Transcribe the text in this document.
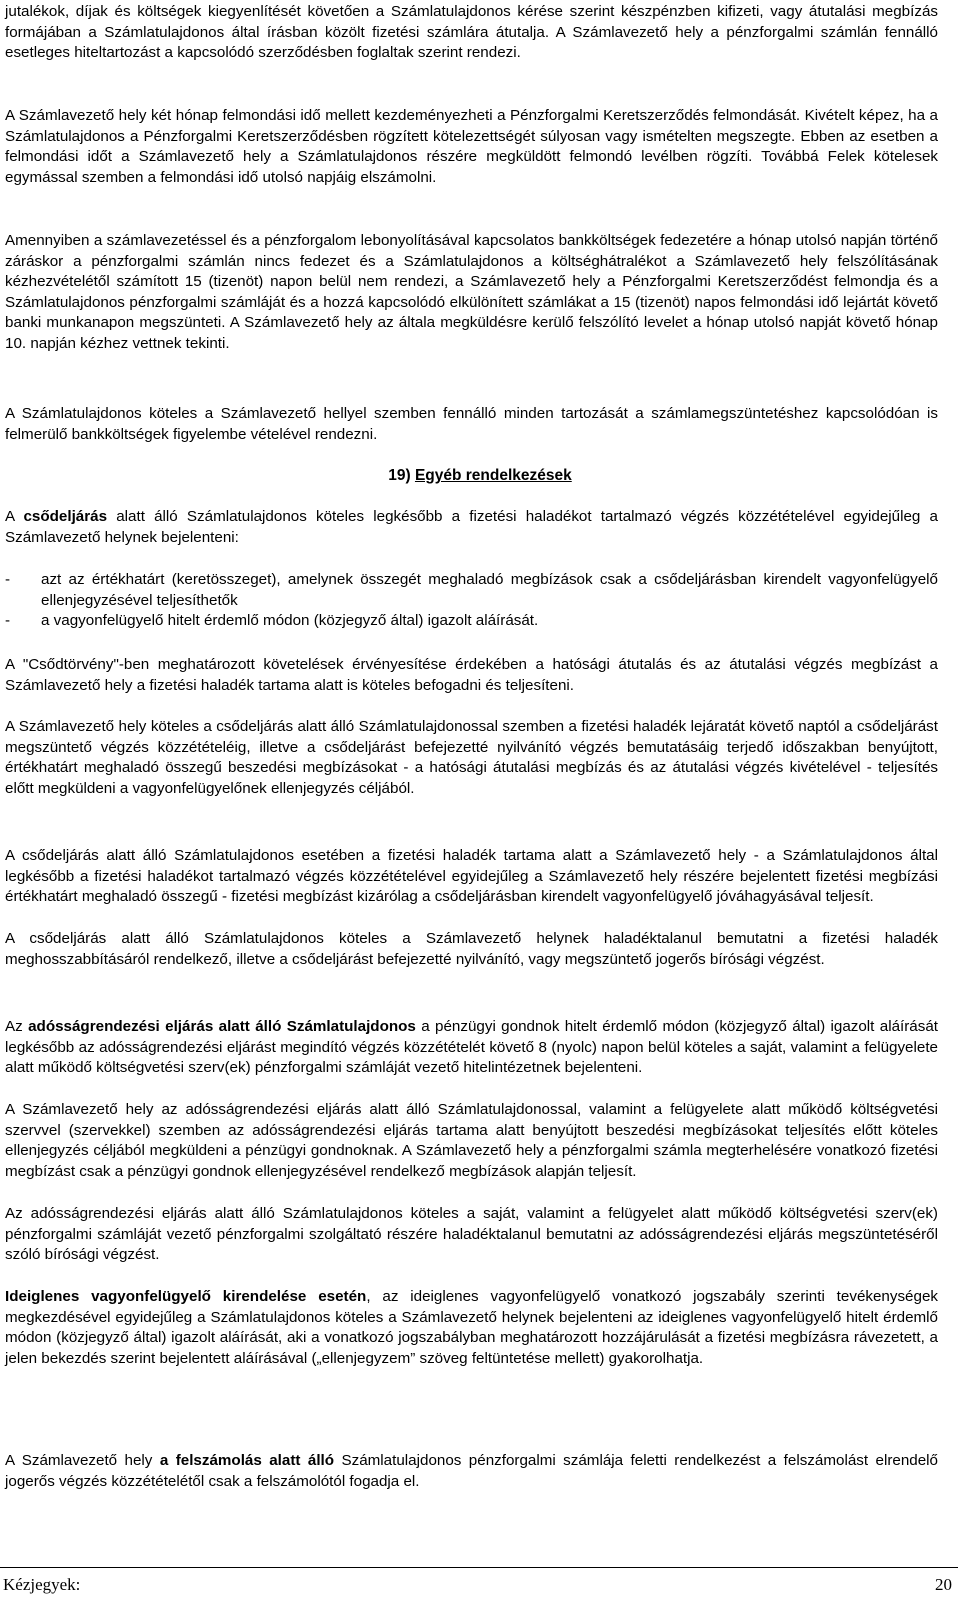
jutalékok, díjak és költségek kiegyenlítését követően a Számlatulajdonos kérése szerint készpénzben kifizeti, vagy átutalási megbízás formájában a Számlatulajdonos által írásban közölt fizetési számlára átutalja. A Számlavezető hely a pénzforgalmi számlán fennálló esetleges hiteltartozást a kapcsolódó szerződésben foglaltak szerint rendezi.

A Számlavezető hely két hónap felmondási idő mellett kezdeményezheti a Pénzforgalmi Keretszerződés felmondását. Kivételt képez, ha a Számlatulajdonos a Pénzforgalmi Keretszerződésben rögzített kötelezettségét súlyosan vagy ismételten megszegte. Ebben az esetben a felmondási időt a Számlavezető hely a Számlatulajdonos részére megküldött felmondó levélben rögzíti. Továbbá Felek kötelesek egymással szemben a felmondási idő utolsó napjáig elszámolni.

Amennyiben a számlavezetéssel és a pénzforgalom lebonyolításával kapcsolatos bankköltségek fedezetére a hónap utolsó napján történő záráskor a pénzforgalmi számlán nincs fedezet és a Számlatulajdonos a költséghátralékot a Számlavezető hely felszólításának kézhezvételétől számított 15 (tizenöt) napon belül nem rendezi, a Számlavezető hely a Pénzforgalmi Keretszerződést felmondja és a Számlatulajdonos pénzforgalmi számláját és a hozzá kapcsolódó elkülönített számlákat a 15 (tizenöt) napos felmondási idő lejártát követő banki munkanapon megszünteti. A Számlavezető hely az általa megküldésre kerülő felszólító levelet a hónap utolsó napját követő hónap 10. napján kézhez vettnek tekinti.

A Számlatulajdonos köteles a Számlavezető hellyel szemben fennálló minden tartozását a számlamegszüntetéshez kapcsolódóan is felmerülő bankköltségek figyelembe vételével rendezni.

19) Egyéb rendelkezések

A csődeljárás alatt álló Számlatulajdonos köteles legkésőbb a fizetési haladékot tartalmazó végzés közzétételével egyidejűleg a Számlavezető helynek bejelenteni:

- azt az értékhatárt (keretösszeget), amelynek összegét meghaladó megbízások csak a csődeljárásban kirendelt vagyonfelügyelő ellenjegyzésével teljesíthetők
- a vagyonfelügyelő hitelt érdemlő módon (közjegyző által) igazolt aláírását.

A "Csődtörvény"-ben meghatározott követelések érvényesítése érdekében a hatósági átutalás és az átutalási végzés megbízást a Számlavezető hely a fizetési haladék tartama alatt is köteles befogadni és teljesíteni.

A Számlavezető hely köteles a csődeljárás alatt álló Számlatulajdonossal szemben a fizetési haladék lejáratát követő naptól a csődeljárást megszüntető végzés közzétételéig, illetve a csődeljárást befejezetté nyilvánító végzés bemutatásáig terjedő időszakban benyújtott, értékhatárt meghaladó összegű beszedési megbízásokat - a hatósági átutalási megbízás és az átutalási végzés kivételével - teljesítés előtt megküldeni a vagyonfelügyelőnek ellenjegyzés céljából.

A csődeljárás alatt álló Számlatulajdonos esetében a fizetési haladék tartama alatt a Számlavezető hely - a Számlatulajdonos által legkésőbb a fizetési haladékot tartalmazó végzés közzétételével egyidejűleg a Számlavezető hely részére bejelentett fizetési megbízási értékhatárt meghaladó összegű - fizetési megbízást kizárólag a csődeljárásban kirendelt vagyonfelügyelő jóváhagyásával teljesít.

A csődeljárás alatt álló Számlatulajdonos köteles a Számlavezető helynek haladéktalanul bemutatni a fizetési haladék meghosszabbításáról rendelkező, illetve a csődeljárást befejezetté nyilvánító, vagy megszüntető jogerős bírósági végzést.

Az adósságrendezési eljárás alatt álló Számlatulajdonos a pénzügyi gondnok hitelt érdemlő módon (közjegyző által) igazolt aláírását legkésőbb az adósságrendezési eljárást megindító végzés közzétételét követő 8 (nyolc) napon belül köteles a saját, valamint a felügyelete alatt működő költségvetési szerv(ek) pénzforgalmi számláját vezető hitelintézetnek bejelenteni.

A Számlavezető hely az adósságrendezési eljárás alatt álló Számlatulajdonossal, valamint a felügyelete alatt működő költségvetési szervvel (szervekkel) szemben az adósságrendezési eljárás tartama alatt benyújtott beszedési megbízásokat teljesítés előtt köteles ellenjegyzés céljából megküldeni a pénzügyi gondnoknak. A Számlavezető hely a pénzforgalmi számla megterhelésére vonatkozó fizetési megbízást csak a pénzügyi gondnok ellenjegyzésével rendelkező megbízások alapján teljesít.

Az adósságrendezési eljárás alatt álló Számlatulajdonos köteles a saját, valamint a felügyelet alatt működő költségvetési szerv(ek) pénzforgalmi számláját vezető pénzforgalmi szolgáltató részére haladéktalanul bemutatni az adósságrendezési eljárás megszüntetéséről szóló bírósági végzést.

Ideiglenes vagyonfelügyelő kirendelése esetén, az ideiglenes vagyonfelügyelő vonatkozó jogszabály szerinti tevékenységek megkezdésével egyidejűleg a Számlatulajdonos köteles a Számlavezető helynek bejelenteni az ideiglenes vagyonfelügyelő hitelt érdemlő módon (közjegyző által) igazolt aláírását, aki a vonatkozó jogszabályban meghatározott hozzájárulását a fizetési megbízásra rávezetett, a jelen bekezdés szerint bejelentett aláírásával („ellenjegyzem” szöveg feltüntetése mellett) gyakorolhatja.

A Számlavezető hely a felszámolás alatt álló Számlatulajdonos pénzforgalmi számlája feletti rendelkezést a felszámolást elrendelő jogerős végzés közzétételétől csak a felszámolótól fogadja el.

Kézjegyek:	20
